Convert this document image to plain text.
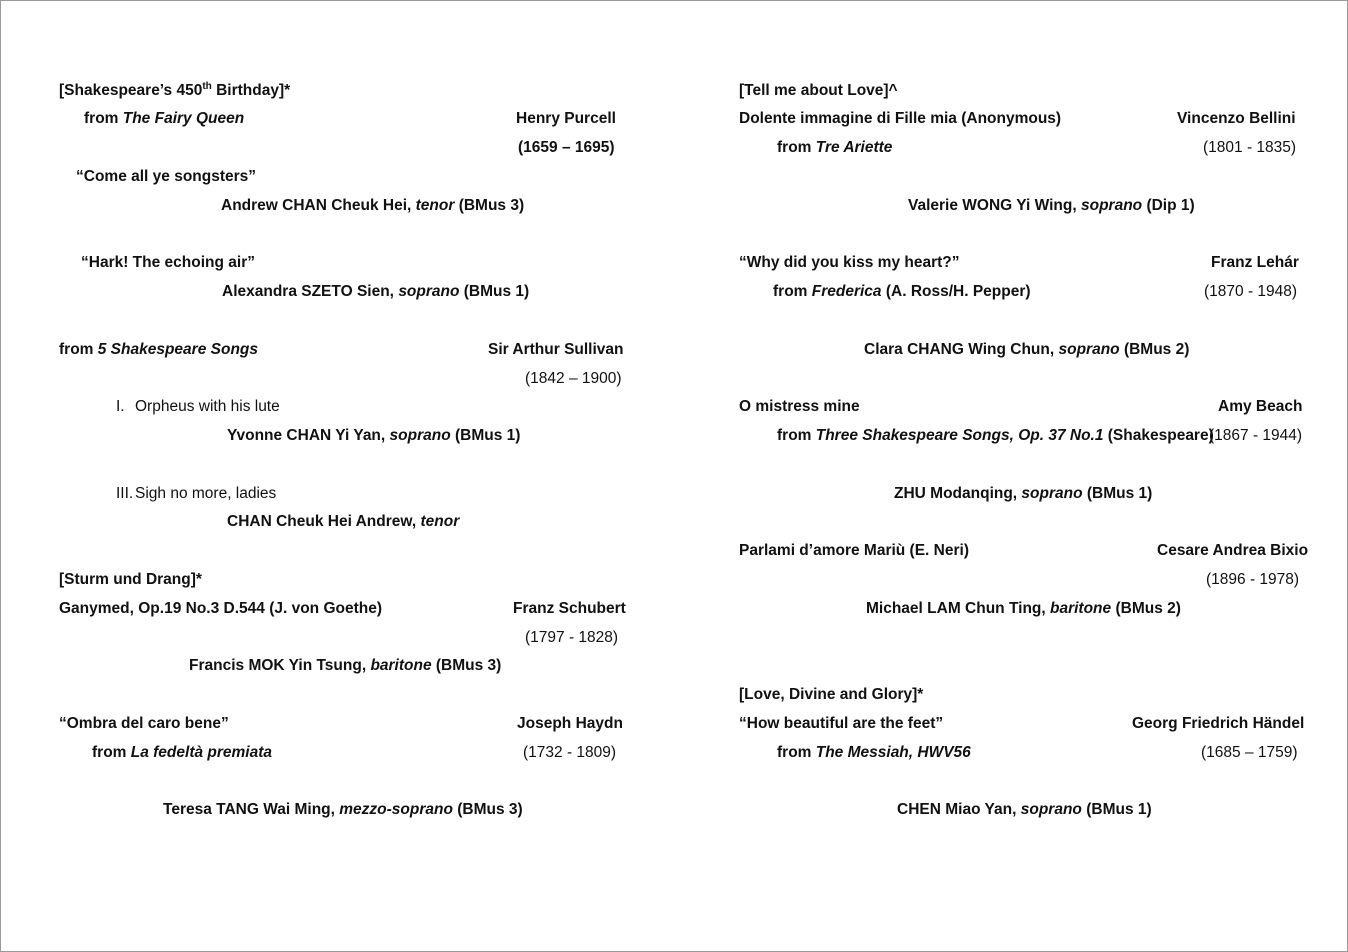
[Shakespeare’s 450th Birthday]*
from The Fairy Queen	Henry Purcell
(1659 – 1695)
“Come all ye songsters”
Andrew CHAN Cheuk Hei, tenor (BMus 3)
“Hark! The echoing air”
Alexandra SZETO Sien, soprano (BMus 1)
from 5 Shakespeare Songs	Sir Arthur Sullivan
(1842 – 1900)
I. Orpheus with his lute
Yvonne CHAN Yi Yan, soprano (BMus 1)
III. Sigh no more, ladies
CHAN Cheuk Hei Andrew, tenor
[Sturm und Drang]*
Ganymed, Op.19 No.3 D.544 (J. von Goethe)	Franz Schubert
(1797 - 1828)
Francis MOK Yin Tsung, baritone (BMus 3)
“Ombra del caro bene”	Joseph Haydn
from La fedeltà premiata	(1732 - 1809)
Teresa TANG Wai Ming, mezzo-soprano (BMus 3)
[Tell me about Love]^
Dolente immagine di Fille mia (Anonymous)	Vincenzo Bellini
from Tre Ariette	(1801 - 1835)
Valerie WONG Yi Wing, soprano (Dip 1)
“Why did you kiss my heart?”	Franz Lehár
from Frederica (A. Ross/H. Pepper)	(1870 - 1948)
Clara CHANG Wing Chun, soprano (BMus 2)
O mistress mine	Amy Beach
from Three Shakespeare Songs, Op. 37 No.1 (Shakespeare)
(1867 - 1944)
ZHU Modanqing, soprano (BMus 1)
Parlami d’amore Mariù (E. Neri)	Cesare Andrea Bixio
(1896 - 1978)
Michael LAM Chun Ting, baritone (BMus 2)
[Love, Divine and Glory]*
“How beautiful are the feet”	Georg Friedrich Händel
from The Messiah, HWV56	(1685 – 1759)
CHEN Miao Yan, soprano (BMus 1)
